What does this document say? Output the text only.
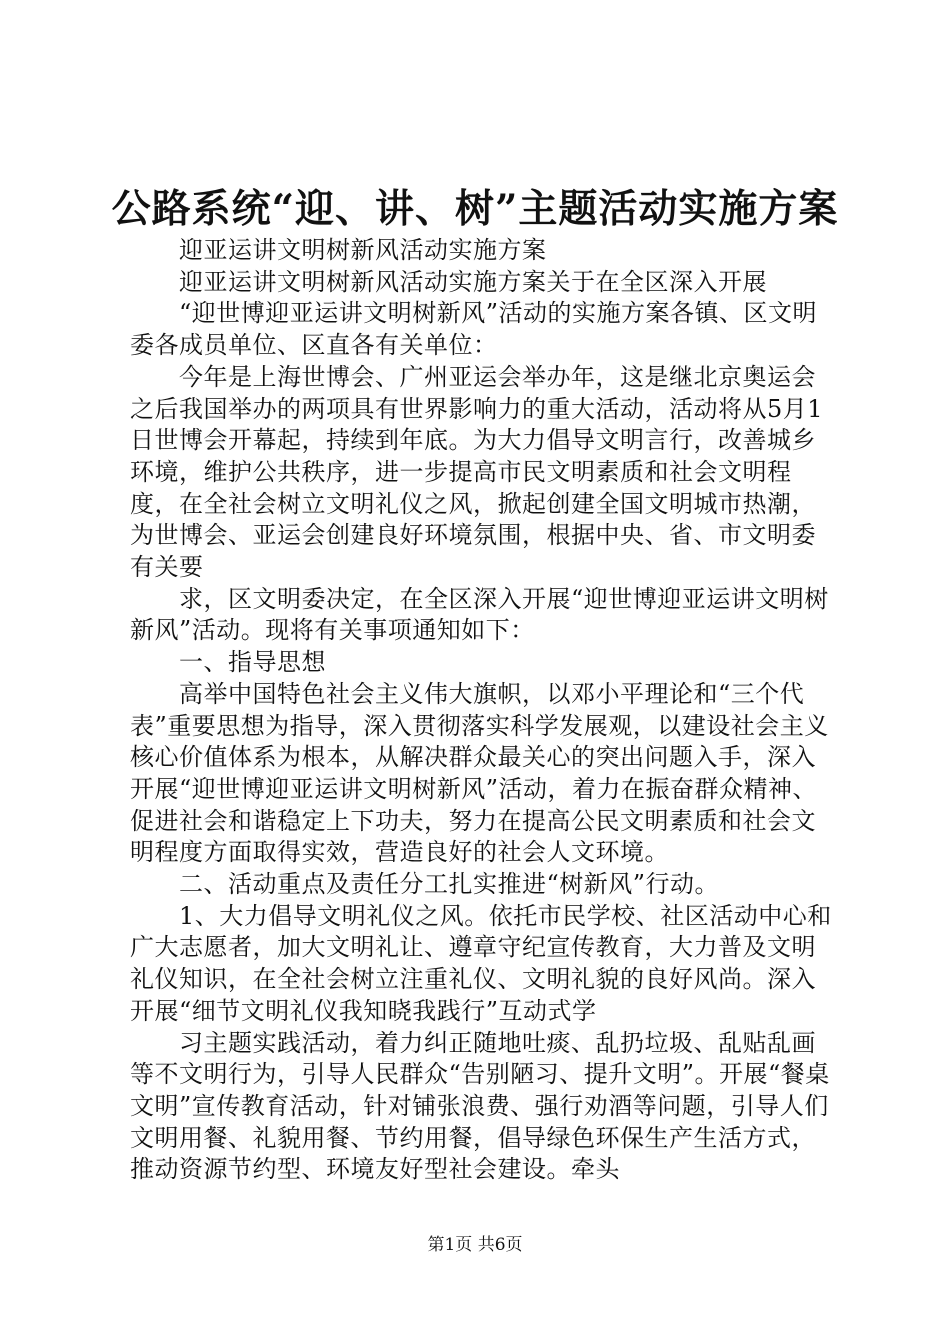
公路系统“迎、讲、树”主题活动实施方案

　　迎亚运讲文明树新风活动实施方案

　　迎亚运讲文明树新风活动实施方案关于在全区深入开展

　　“迎世博迎亚运讲文明树新风”活动的实施方案各镇、区文明委各成员单位、区直各有关单位：

　　今年是上海世博会、广州亚运会举办年，这是继北京奥运会之后我国举办的两项具有世界影响力的重大活动，活动将从5月1日世博会开幕起，持续到年底。为大力倡导文明言行，改善城乡环境，维护公共秩序，进一步提高市民文明素质和社会文明程度，在全社会树立文明礼仪之风，掀起创建全国文明城市热潮，为世博会、亚运会创建良好环境氛围，根据中央、省、市文明委有关要

　　求，区文明委决定，在全区深入开展“迎世博迎亚运讲文明树新风”活动。现将有关事项通知如下：

　　一、指导思想

　　高举中国特色社会主义伟大旗帜，以邓小平理论和“三个代表”重要思想为指导，深入贯彻落实科学发展观，以建设社会主义核心价值体系为根本，从解决群众最关心的突出问题入手，深入开展“迎世博迎亚运讲文明树新风”活动，着力在振奋群众精神、促进社会和谐稳定上下功夫，努力在提高公民文明素质和社会文明程度方面取得实效，营造良好的社会人文环境。

　　二、活动重点及责任分工扎实推进“树新风”行动。

　　1、大力倡导文明礼仪之风。依托市民学校、社区活动中心和广大志愿者，加大文明礼让、遵章守纪宣传教育，大力普及文明礼仪知识，在全社会树立注重礼仪、文明礼貌的良好风尚。深入开展“细节文明礼仪我知晓我践行”互动式学

　　习主题实践活动，着力纠正随地吐痰、乱扔垃圾、乱贴乱画等不文明行为，引导人民群众“告别陋习、提升文明”。开展“餐桌文明”宣传教育活动，针对铺张浪费、强行劝酒等问题，引导人们文明用餐、礼貌用餐、节约用餐，倡导绿色环保生产生活方式，推动资源节约型、环境友好型社会建设。牵头

第1页 共6页
